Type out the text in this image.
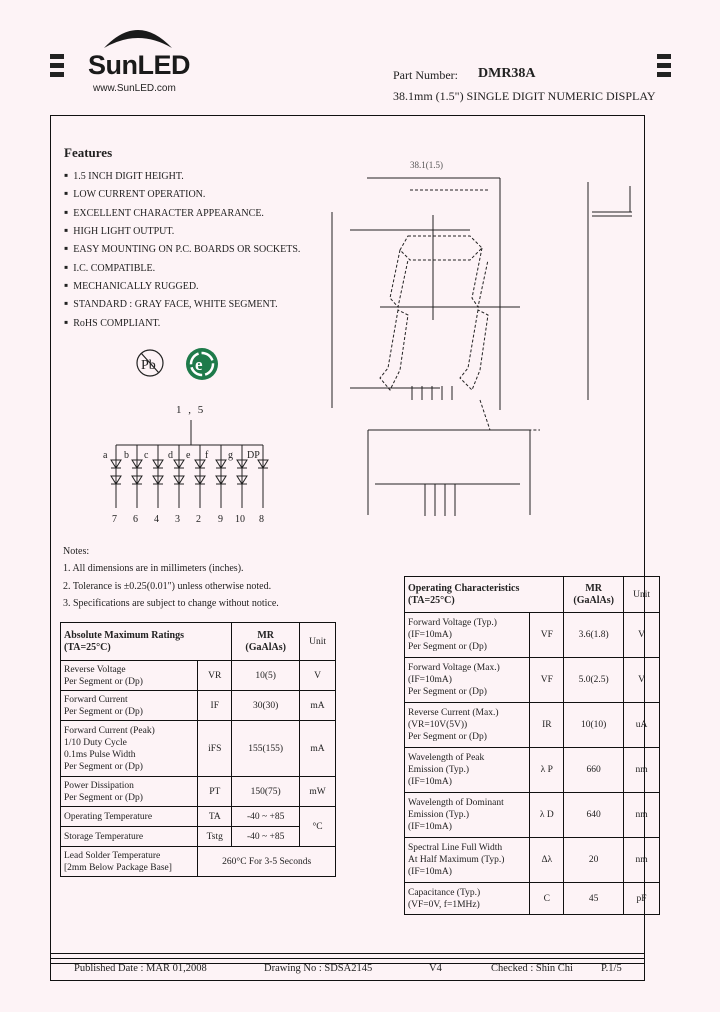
SunLED
www.SunLED.com
Part Number: DMR38A
38.1mm (1.5") SINGLE DIGIT NUMERIC DISPLAY
Features
▪ 1.5 INCH DIGIT HEIGHT.
▪ LOW CURRENT OPERATION.
▪ EXCELLENT CHARACTER APPEARANCE.
▪ HIGH LIGHT OUTPUT.
▪ EASY MOUNTING ON P.C. BOARDS OR SOCKETS.
▪ I.C. COMPATIBLE.
▪ MECHANICALLY RUGGED.
▪ STANDARD : GRAY FACE, WHITE SEGMENT.
▪ RoHS COMPLIANT.
Pb e
1 , 5
a b c d e f g DP
7 6 4 3 2 9 10 8
38.1(1.5)
Notes:
1. All dimensions are in millimeters (inches).
2. Tolerance is ±0.25(0.01") unless otherwise noted.
3. Specifications are subject to change without notice.
Absolute Maximum Ratings
(TA=25°C)		MR
(GaAlAs)	Unit
Reverse Voltage
Per Segment or (Dp)	VR	10(5)	V
Forward Current
Per Segment or (Dp)	IF	30(30)	mA
Forward Current (Peak)
1/10 Duty Cycle
0.1ms Pulse Width
Per Segment or (Dp)	iFS	155(155)	mA
Power Dissipation
Per Segment or (Dp)	PT	150(75)	mW
Operating Temperature	TA	-40 ~ +85	°C
Storage Temperature	Tstg	-40 ~ +85	
Lead Solder Temperature
[2mm Below Package Base]	260°C For 3-5 Seconds		
Operating Characteristics
(TA=25°C)		MR
(GaAlAs)	Unit
Forward Voltage (Typ.)
(IF=10mA)
Per Segment or (Dp)	VF	3.6(1.8)	V
Forward Voltage (Max.)
(IF=10mA)
Per Segment or (Dp)	VF	5.0(2.5)	V
Reverse Current (Max.)
(VR=10V(5V))
Per Segment or (Dp)	IR	10(10)	uA
Wavelength of Peak
Emission (Typ.)
(IF=10mA)	λ P	660	nm
Wavelength of Dominant
Emission (Typ.)
(IF=10mA)	λ D	640	nm
Spectral Line Full Width
At Half Maximum (Typ.)
(IF=10mA)	Δλ	20	nm
Capacitance (Typ.)
(VF=0V, f=1MHz)	C	45	pF
Published Date : MAR 01,2008	Drawing No : SDSA2145	V4	Checked : Shin Chi	P.1/5
